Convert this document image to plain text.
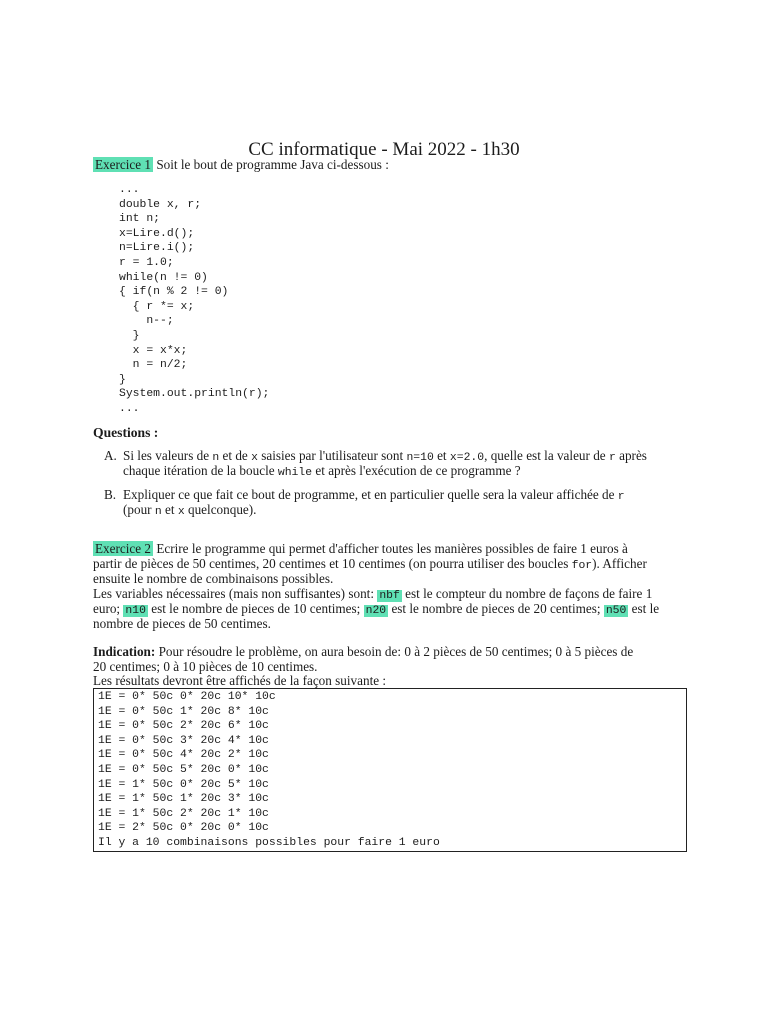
CC informatique - Mai 2022 - 1h30
Exercice 1 Soit le bout de programme Java ci-dessous :
...
double x, r;
int n;
x=Lire.d();
n=Lire.i();
r = 1.0;
while(n != 0)
{ if(n % 2 != 0)
{ r *= x;
n--;
}
x = x*x;
n = n/2;
}
System.out.println(r);
...
Questions :
A. Si les valeurs de n et de x saisies par l'utilisateur sont n=10 et x=2.0, quelle est la valeur de r après
chaque itération de la boucle while et après l'exécution de ce programme ?
B. Expliquer ce que fait ce bout de programme, et en particulier quelle sera la valeur affichée de r
(pour n et x quelconque).
Exercice 2 Ecrire le programme qui permet d'afficher toutes les manières possibles de faire 1 euros à
partir de pièces de 50 centimes, 20 centimes et 10 centimes (on pourra utiliser des boucles for). Afficher
ensuite le nombre de combinaisons possibles.
Les variables nécessaires (mais non suffisantes) sont: nbf est le compteur du nombre de façons de faire 1
euro; n10 est le nombre de pieces de 10 centimes; n20 est le nombre de pieces de 20 centimes; n50 est le
nombre de pieces de 50 centimes.
Indication: Pour résoudre le problème, on aura besoin de: 0 à 2 pièces de 50 centimes; 0 à 5 pièces de
20 centimes; 0 à 10 pièces de 10 centimes.
Les résultats devront être affichés de la façon suivante :
1E = 0* 50c 0* 20c 10* 10c
1E = 0* 50c 1* 20c 8* 10c
1E = 0* 50c 2* 20c 6* 10c
1E = 0* 50c 3* 20c 4* 10c
1E = 0* 50c 4* 20c 2* 10c
1E = 0* 50c 5* 20c 0* 10c
1E = 1* 50c 0* 20c 5* 10c
1E = 1* 50c 1* 20c 3* 10c
1E = 1* 50c 2* 20c 1* 10c
1E = 2* 50c 0* 20c 0* 10c
Il y a 10 combinaisons possibles pour faire 1 euro
